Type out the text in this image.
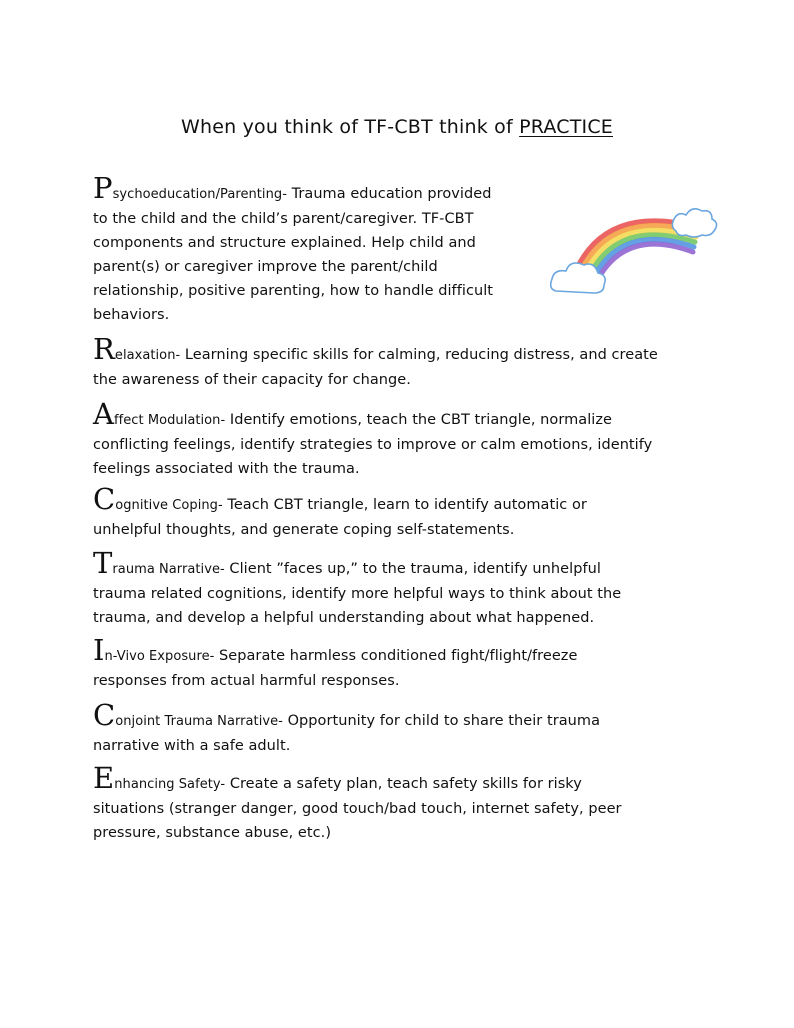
When you think of TF-CBT think of PRACTICE
Psychoeducation/Parenting- Trauma education provided
to the child and the child’s parent/caregiver. TF-CBT
components and structure explained. Help child and
parent(s) or caregiver improve the parent/child
relationship, positive parenting, how to handle difficult
behaviors.
Relaxation- Learning specific skills for calming, reducing distress, and create
the awareness of their capacity for change.
Affect Modulation- Identify emotions, teach the CBT triangle, normalize
conflicting feelings, identify strategies to improve or calm emotions, identify
feelings associated with the trauma.
Cognitive Coping- Teach CBT triangle, learn to identify automatic or
unhelpful thoughts, and generate coping self-statements.
Trauma Narrative- Client ”faces up,” to the trauma, identify unhelpful
trauma related cognitions, identify more helpful ways to think about the
trauma, and develop a helpful understanding about what happened.
In-Vivo Exposure- Separate harmless conditioned fight/flight/freeze
responses from actual harmful responses.
Conjoint Trauma Narrative- Opportunity for child to share their trauma
narrative with a safe adult.
Enhancing Safety- Create a safety plan, teach safety skills for risky
situations (stranger danger, good touch/bad touch, internet safety, peer
pressure, substance abuse, etc.)
